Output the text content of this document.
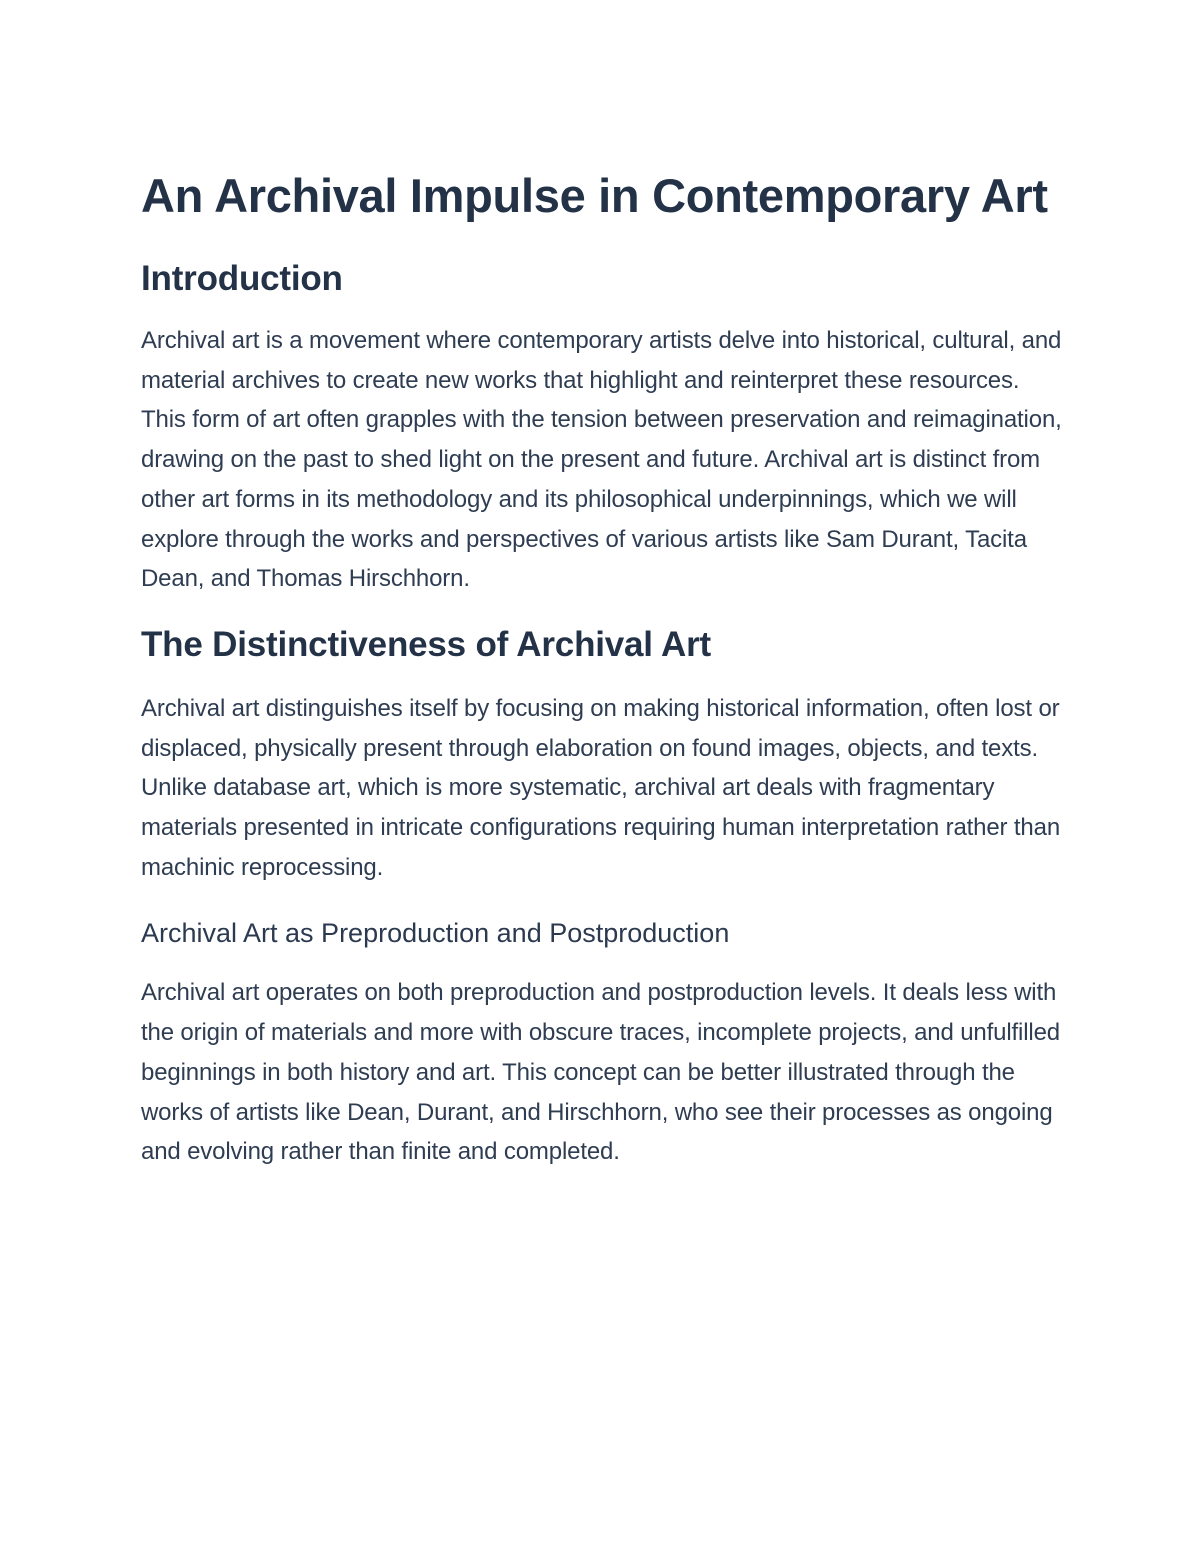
An Archival Impulse in Contemporary Art
Introduction

Archival art is a movement where contemporary artists delve into historical, cultural, and material archives to create new works that highlight and reinterpret these resources. This form of art often grapples with the tension between preservation and reimagination, drawing on the past to shed light on the present and future. Archival art is distinct from other art forms in its methodology and its philosophical underpinnings, which we will explore through the works and perspectives of various artists like Sam Durant, Tacita Dean, and Thomas Hirschhorn.

The Distinctiveness of Archival Art

Archival art distinguishes itself by focusing on making historical information, often lost or displaced, physically present through elaboration on found images, objects, and texts. Unlike database art, which is more systematic, archival art deals with fragmentary materials presented in intricate configurations requiring human interpretation rather than machinic reprocessing.

Archival Art as Preproduction and Postproduction

Archival art operates on both preproduction and postproduction levels. It deals less with the origin of materials and more with obscure traces, incomplete projects, and unfulfilled beginnings in both history and art. This concept can be better illustrated through the works of artists like Dean, Durant, and Hirschhorn, who see their processes as ongoing and evolving rather than finite and completed.
